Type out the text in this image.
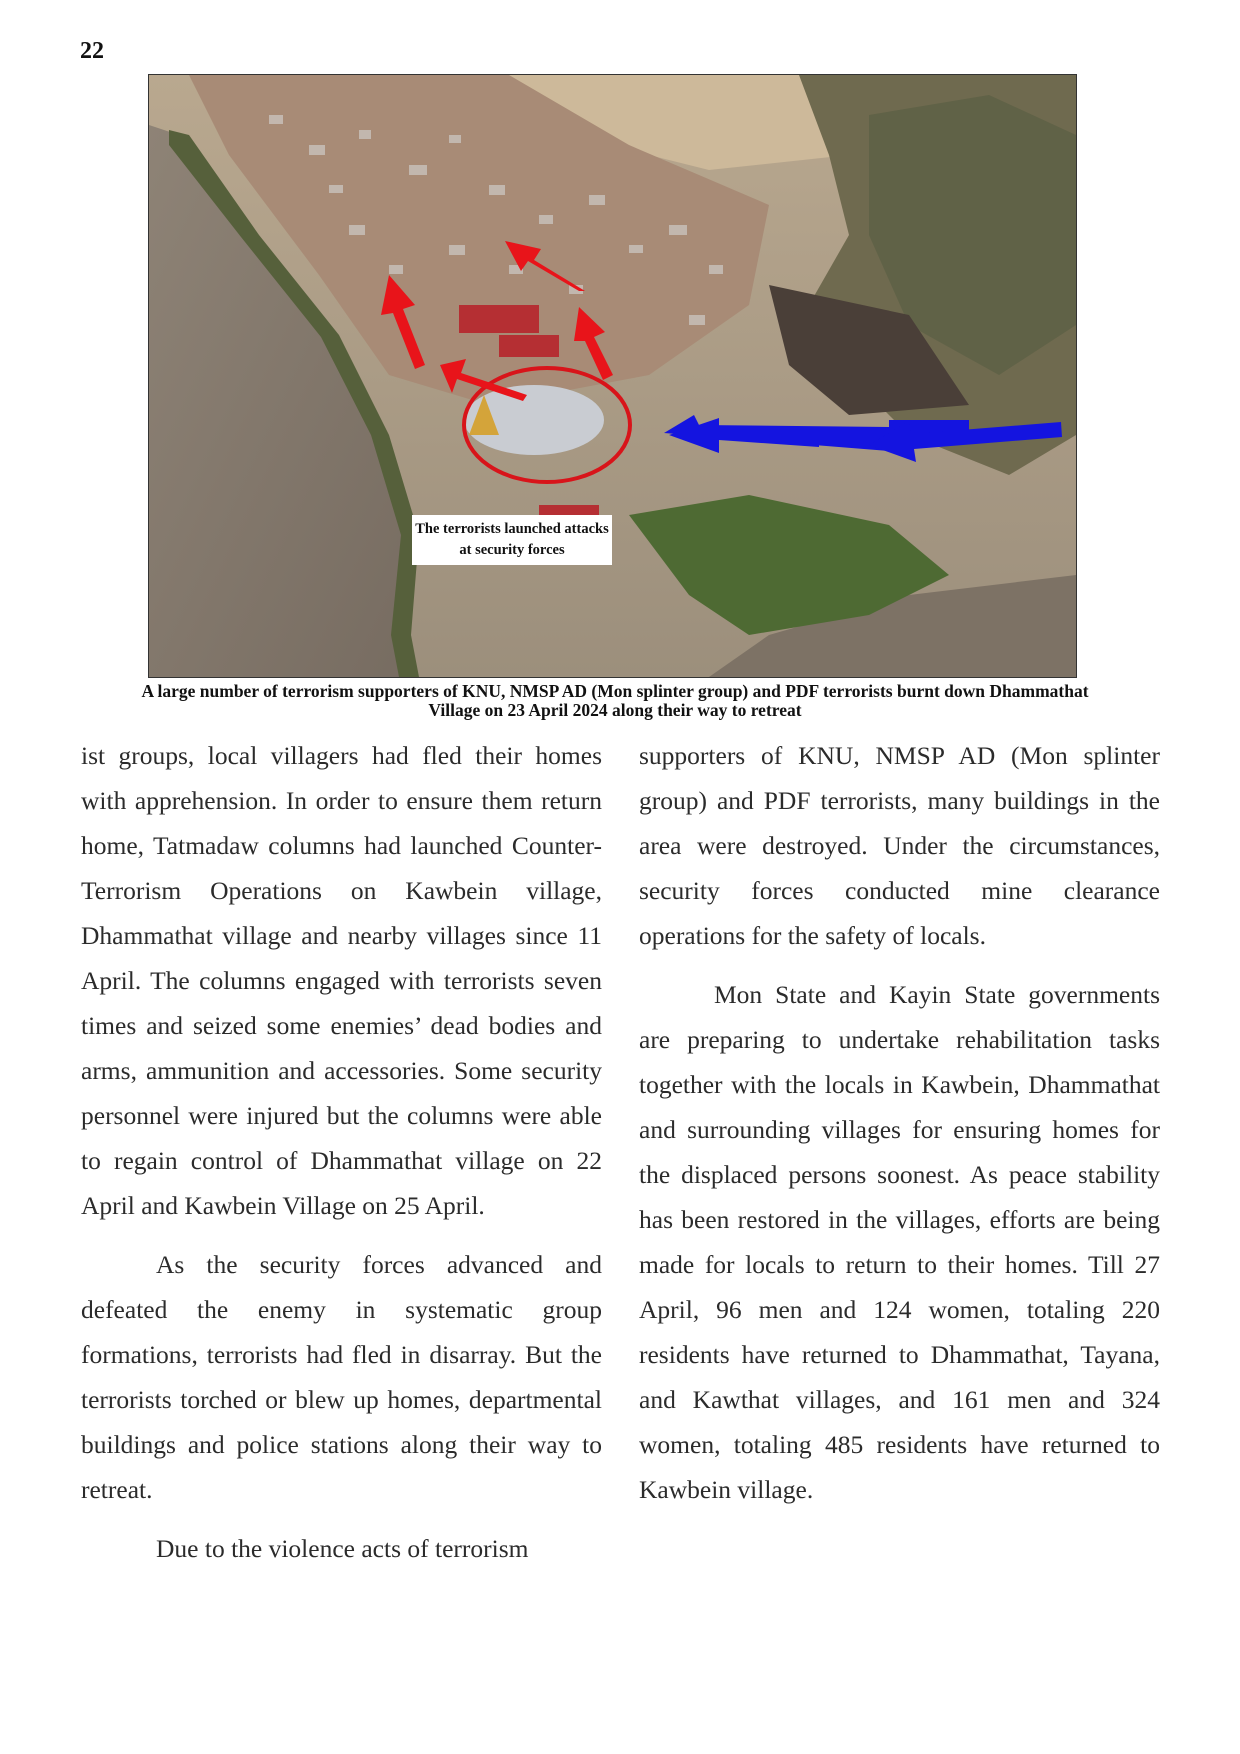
22
The terrorists launched attacks at security forces
A large number of terrorism supporters of KNU, NMSP AD (Mon splinter group) and PDF terrorists burnt down Dhammathat Village on 23 April 2024 along their way to retreat

ist groups, local villagers had fled their homes with apprehension. In order to ensure them return home, Tatmadaw columns had launched Counter-Terrorism Operations on Kawbein village, Dhammathat village and nearby villages since 11 April. The columns engaged with terrorists seven times and seized some enemies’ dead bodies and arms, ammunition and accessories. Some security personnel were injured but the columns were able to regain control of Dhammathat village on 22 April and Kawbein Village on 25 April.

As the security forces advanced and defeated the enemy in systematic group formations, terrorists had fled in disarray. But the terrorists torched or blew up homes, departmental buildings and police stations along their way to retreat.

Due to the violence acts of terrorism

supporters of KNU, NMSP AD (Mon splinter group) and PDF terrorists, many buildings in the area were destroyed. Under the circumstances, security forces conducted mine clearance operations for the safety of locals.

Mon State and Kayin State governments are preparing to undertake rehabilitation tasks together with the locals in Kawbein, Dhammathat and surrounding villages for ensuring homes for the displaced persons soonest. As peace stability has been restored in the villages, efforts are being made for locals to return to their homes. Till 27 April, 96 men and 124 women, totaling 220 residents have returned to Dhammathat, Tayana, and Kawthat villages, and 161 men and 324 women, totaling 485 residents have returned to Kawbein village.
